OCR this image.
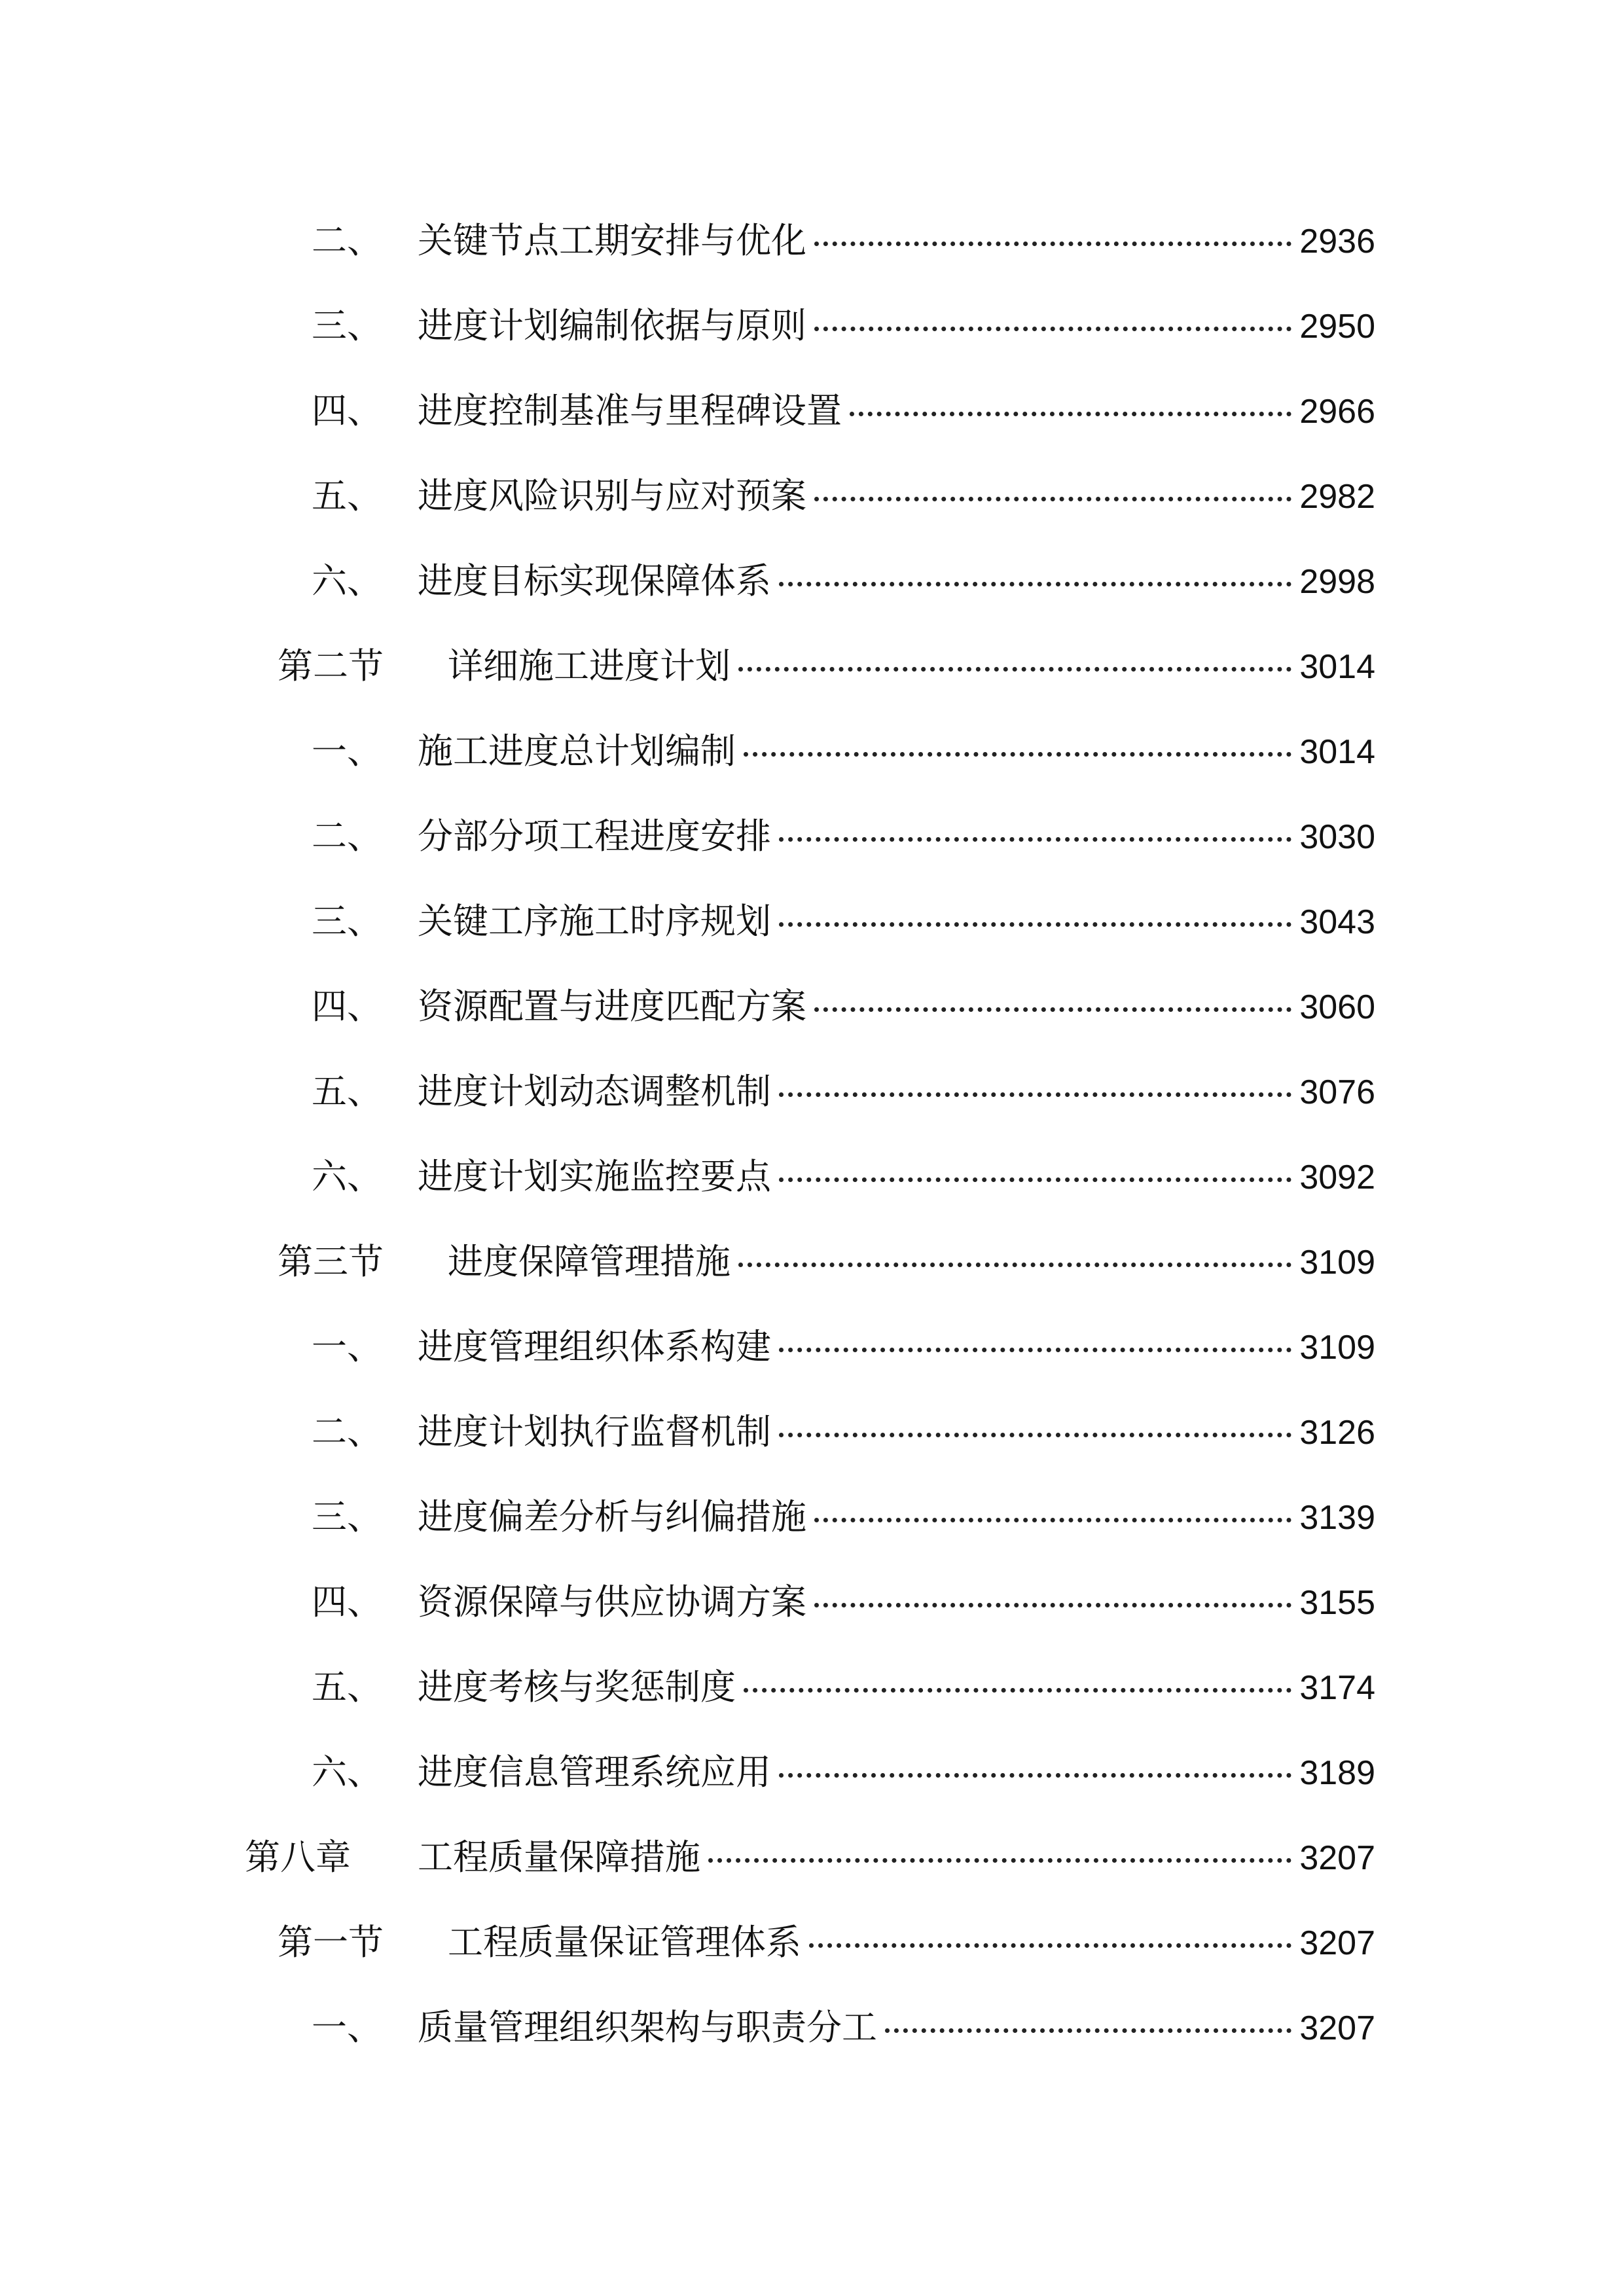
二、 关键节点工期安排与优化	2936
三、 进度计划编制依据与原则	2950
四、 进度控制基准与里程碑设置	2966
五、 进度风险识别与应对预案	2982
六、 进度目标实现保障体系	2998
第二节 详细施工进度计划	3014
一、 施工进度总计划编制	3014
二、 分部分项工程进度安排	3030
三、 关键工序施工时序规划	3043
四、 资源配置与进度匹配方案	3060
五、 进度计划动态调整机制	3076
六、 进度计划实施监控要点	3092
第三节 进度保障管理措施	3109
一、 进度管理组织体系构建	3109
二、 进度计划执行监督机制	3126
三、 进度偏差分析与纠偏措施	3139
四、 资源保障与供应协调方案	3155
五、 进度考核与奖惩制度	3174
六、 进度信息管理系统应用	3189
第八章 工程质量保障措施	3207
第一节 工程质量保证管理体系	3207
一、 质量管理组织架构与职责分工	3207
